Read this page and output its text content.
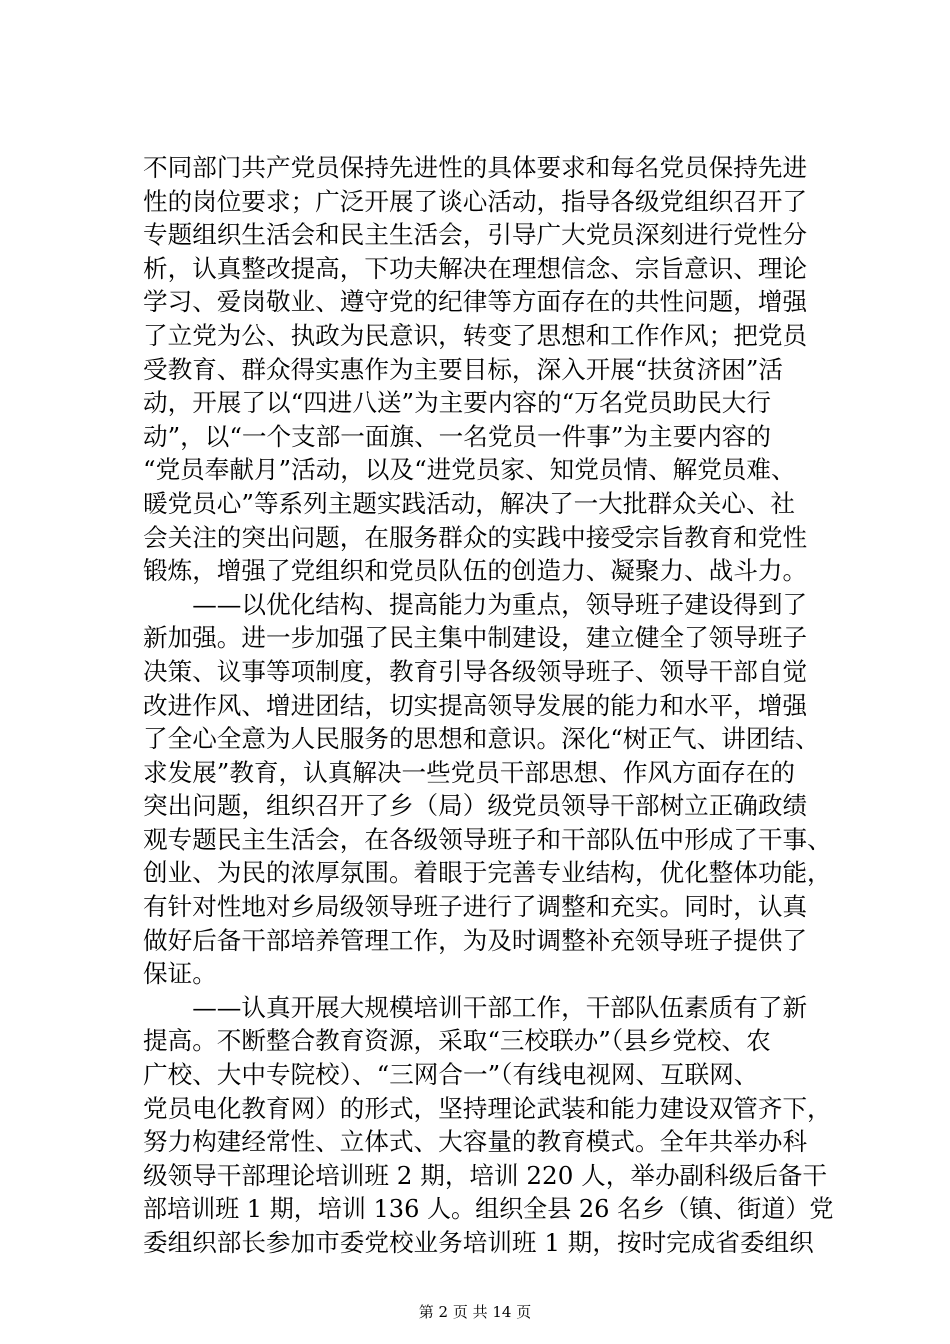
不同部门共产党员保持先进性的具体要求和每名党员保持先进
性的岗位要求；广泛开展了谈心活动，指导各级党组织召开了
专题组织生活会和民主生活会，引导广大党员深刻进行党性分
析，认真整改提高，下功夫解决在理想信念、宗旨意识、理论
学习、爱岗敬业、遵守党的纪律等方面存在的共性问题，增强
了立党为公、执政为民意识，转变了思想和工作作风；把党员
受教育、群众得实惠作为主要目标，深入开展“扶贫济困”活
动，开展了以“四进八送”为主要内容的“万名党员助民大行
动”，以“一个支部一面旗、一名党员一件事”为主要内容的
“党员奉献月”活动，以及“进党员家、知党员情、解党员难、
暖党员心”等系列主题实践活动，解决了一大批群众关心、社
会关注的突出问题，在服务群众的实践中接受宗旨教育和党性
锻炼，增强了党组织和党员队伍的创造力、凝聚力、战斗力。
　　——以优化结构、提高能力为重点，领导班子建设得到了
新加强。进一步加强了民主集中制建设，建立健全了领导班子
决策、议事等项制度，教育引导各级领导班子、领导干部自觉
改进作风、增进团结，切实提高领导发展的能力和水平，增强
了全心全意为人民服务的思想和意识。深化“树正气、讲团结、
求发展”教育，认真解决一些党员干部思想、作风方面存在的
突出问题，组织召开了乡（局）级党员领导干部树立正确政绩
观专题民主生活会，在各级领导班子和干部队伍中形成了干事、
创业、为民的浓厚氛围。着眼于完善专业结构，优化整体功能，
有针对性地对乡局级领导班子进行了调整和充实。同时，认真
做好后备干部培养管理工作，为及时调整补充领导班子提供了
保证。
　　——认真开展大规模培训干部工作，干部队伍素质有了新
提高。不断整合教育资源，采取“三校联办”（县乡党校、农
广校、大中专院校）、“三网合一”（有线电视网、互联网、
党员电化教育网）的形式，坚持理论武装和能力建设双管齐下，
努力构建经常性、立体式、大容量的教育模式。全年共举办科
级领导干部理论培训班 2 期，培训 220 人，举办副科级后备干
部培训班 1 期，培训 136 人。组织全县 26 名乡（镇、街道）党
委组织部长参加市委党校业务培训班 1 期，按时完成省委组织
第 2 页 共 14 页
